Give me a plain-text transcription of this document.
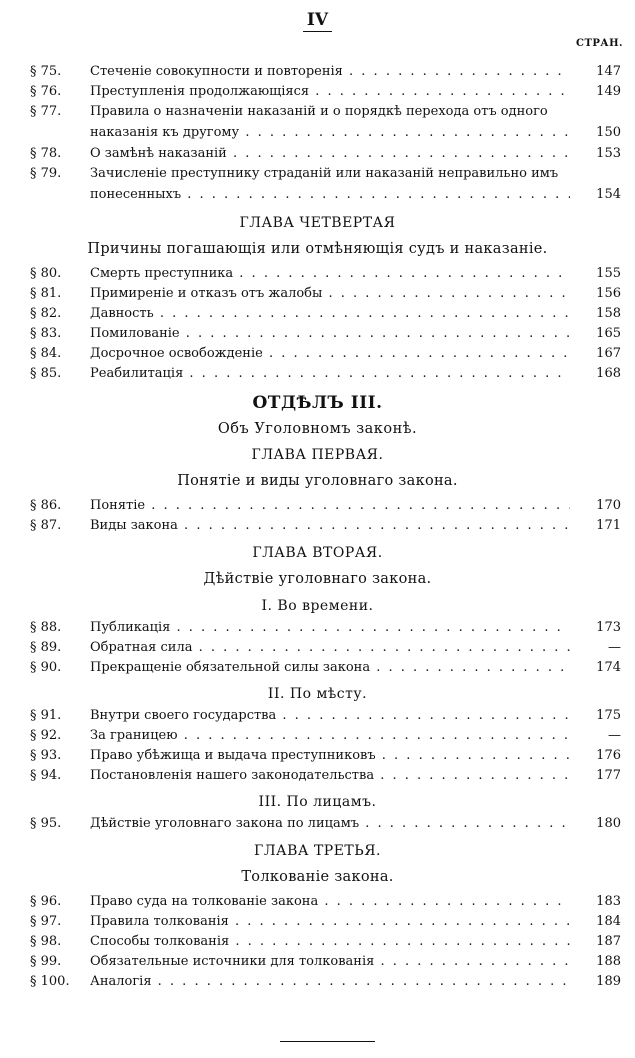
IV
СТРАН.
§ 75.	Стеченіе совокупности и повторенія . . .	147
§ 76.	Преступленія продолжающіяся . . .	149
§ 77.	Правила о назначеніи наказаній и о порядкѣ перехода отъ одного
наказанія къ другому . . .	150
§ 78.	О замѣнѣ наказаній . . .	153
§ 79.	Зачисленіе преступнику страданій или наказаній неправильно имъ
понесенныхъ . . .	154
ГЛАВА ЧЕТВЕРТАЯ
Причины погашающія или отмѣняющія судъ и наказаніе.
§ 80.	Смерть преступника . . .	155
§ 81.	Примиреніе и отказъ отъ жалобы . . .	156
§ 82.	Давность . . .	158
§ 83.	Помилованіе . . .	165
§ 84.	Досрочное освобожденіе . . .	167
§ 85.	Реабилитація . . .	168
ОТДѢЛЪ III.
Объ Уголовномъ законѣ.
ГЛАВА ПЕРВАЯ.
Понятіе и виды уголовнаго закона.
§ 86.	Понятіе . . .	170
§ 87.	Виды закона . . .	171
ГЛАВА ВТОРАЯ.
Дѣйствіе уголовнаго закона.
I. Во времени.
§ 88.	Публикація . . .	173
§ 89.	Обратная сила . . .	—
§ 90.	Прекращеніе обязательной силы закона . . .	174
II. По мѣсту.
§ 91.	Внутри своего государства . . .	175
§ 92.	За границею . . .	—
§ 93.	Право убѣжища и выдача преступниковъ . . .	176
§ 94.	Постановленія нашего законодательства . . .	177
III. По лицамъ.
§ 95.	Дѣйствіе уголовнаго закона по лицамъ . . .	180
ГЛАВА ТРЕТЬЯ.
Толкованіе закона.
§ 96.	Право суда на толкованіе закона . . .	183
§ 97.	Правила толкованія . . .	184
§ 98.	Способы толкованія . . .	187
§ 99.	Обязательные источники для толкованія . . .	188
§ 100.	Аналогія . . .	189
